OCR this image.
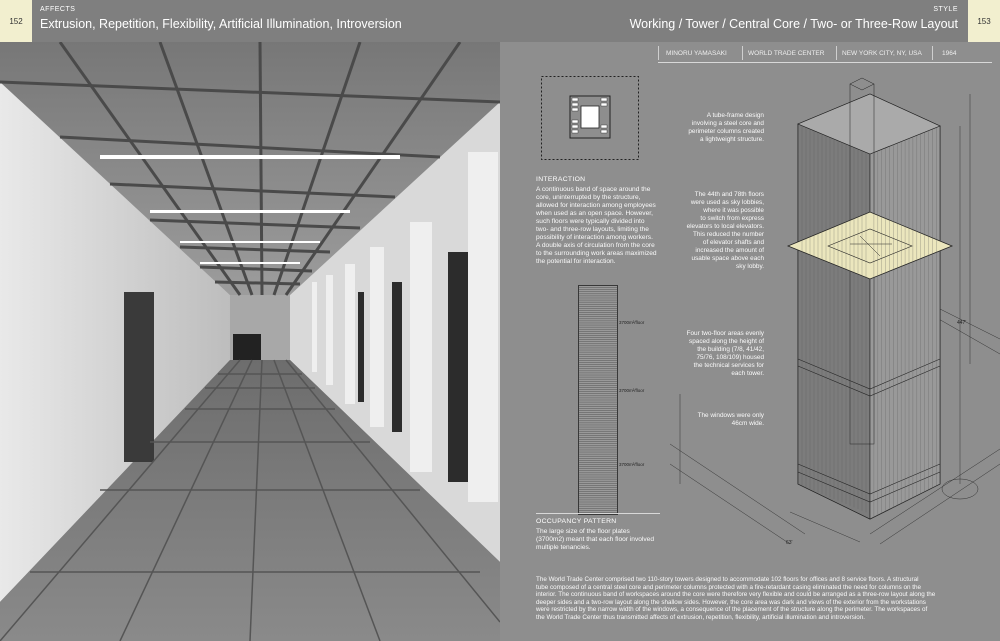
152
AFFECTS
Extrusion, Repetition, Flexibility, Artificial Illumination, Introversion
STYLE
Working / Tower / Central Core / Two- or Three-Row Layout	153
MINORU YAMASAKI	WORLD TRADE CENTER	NEW YORK CITY, NY, USA	1964
INTERACTION
A continuous band of space around the
core, uninterrupted by the structure,
allowed for interaction among employees
when used as an open space. However,
such floors were typically divided into
two- and three-row layouts, limiting the
possibility of interaction among workers.
A double axis of circulation from the core
to the surrounding work areas maximized
the potential for interaction.
3700m²/floor
3700m²/floor
3700m²/floor
OCCUPANCY PATTERN
The large size of the floor plates
(3700m2) meant that each floor involved
multiple tenancies.
447'
63'
A tube-frame design
involving a steel core and
perimeter columns created
a lightweight structure.
The 44th and 78th floors
were used as sky lobbies,
where it was possible
to switch from express
elevators to local elevators.
This reduced the number
of elevator shafts and
increased the amount of
usable space above each
sky lobby.
Four two-floor areas evenly
spaced along the height of
the building (7/8, 41/42,
75/76, 108/109) housed
the technical services for
each tower.
The windows were only
46cm wide.
The World Trade Center comprised two 110-story towers designed to accommodate 102 floors for offices and 8 service floors. A structural
tube composed of a central steel core and perimeter columns protected with a fire-retardant casing eliminated the need for columns on the
interior. The continuous band of workspaces around the core were therefore very flexible and could be arranged as a three-row layout along the
deeper sides and a two-row layout along the shallow sides. However, the core area was dark and views of the exterior from the workstations
were restricted by the narrow width of the windows, a consequence of the placement of the structure along the perimeter. The workspaces of
the World Trade Center thus transmitted affects of extrusion, repetition, flexibility, artificial illumination and introversion.
